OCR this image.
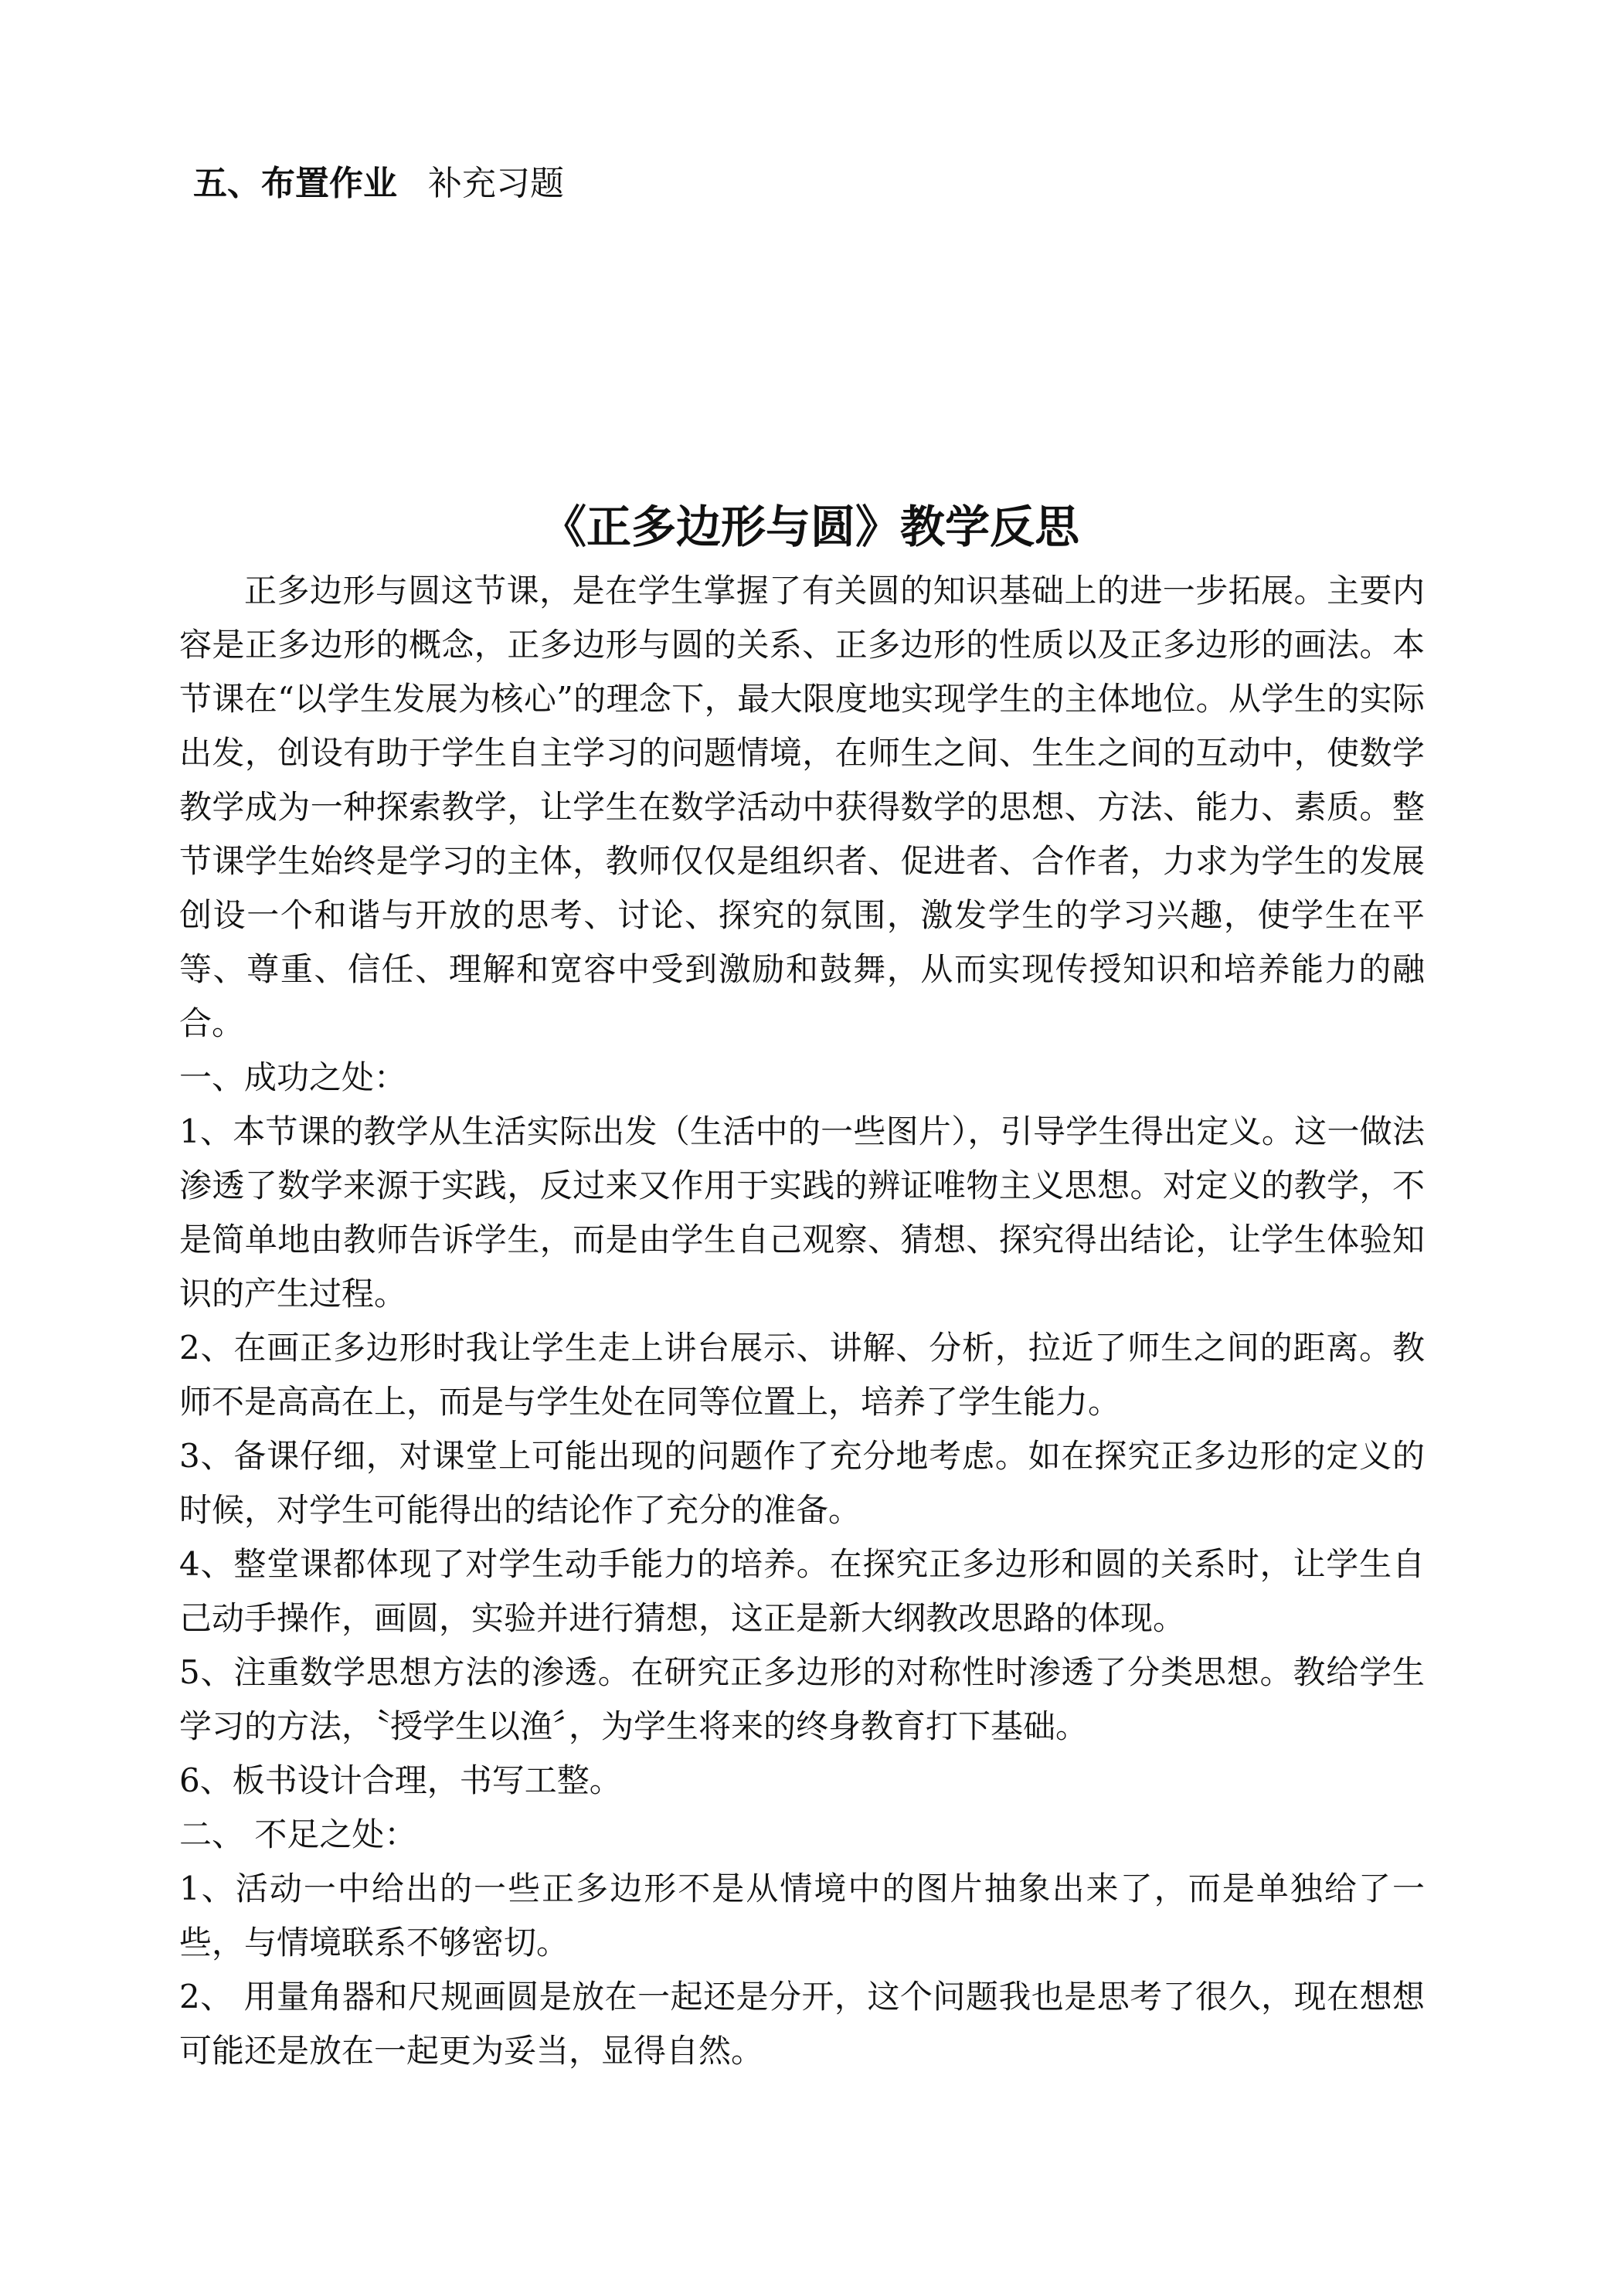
五、布置作业 补充习题
《正多边形与圆》教学反思

正多边形与圆这节课，是在学生掌握了有关圆的知识基础上的进一步拓展。主要内容是正多边形的概念，正多边形与圆的关系、正多边形的性质以及正多边形的画法。本节课在“以学生发展为核心”的理念下，最大限度地实现学生的主体地位。从学生的实际出发，创设有助于学生自主学习的问题情境，在师生之间、生生之间的互动中，使数学教学成为一种探索教学，让学生在数学活动中获得数学的思想、方法、能力、素质。整节课学生始终是学习的主体，教师仅仅是组织者、促进者、合作者，力求为学生的发展创设一个和谐与开放的思考、讨论、探究的氛围，激发学生的学习兴趣，使学生在平等、尊重、信任、理解和宽容中受到激励和鼓舞，从而实现传授知识和培养能力的融合。

一、成功之处：

1、本节课的教学从生活实际出发（生活中的一些图片），引导学生得出定义。这一做法渗透了数学来源于实践，反过来又作用于实践的辨证唯物主义思想。对定义的教学，不是简单地由教师告诉学生，而是由学生自己观察、猜想、探究得出结论，让学生体验知识的产生过程。

2、在画正多边形时我让学生走上讲台展示、讲解、分析，拉近了师生之间的距离。教师不是高高在上，而是与学生处在同等位置上，培养了学生能力。

3、备课仔细，对课堂上可能出现的问题作了充分地考虑。如在探究正多边形的定义的时候，对学生可能得出的结论作了充分的准备。

4、整堂课都体现了对学生动手能力的培养。在探究正多边形和圆的关系时，让学生自己动手操作，画圆，实验并进行猜想，这正是新大纲教改思路的体现。

5、注重数学思想方法的渗透。在研究正多边形的对称性时渗透了分类思想。教给学生学习的方法，〝授学生以渔〞，为学生将来的终身教育打下基础。

6、板书设计合理，书写工整。

二、 不足之处：

1、活动一中给出的一些正多边形不是从情境中的图片抽象出来了，而是单独给了一些，与情境联系不够密切。

2、 用量角器和尺规画圆是放在一起还是分开，这个问题我也是思考了很久，现在想想可能还是放在一起更为妥当，显得自然。
